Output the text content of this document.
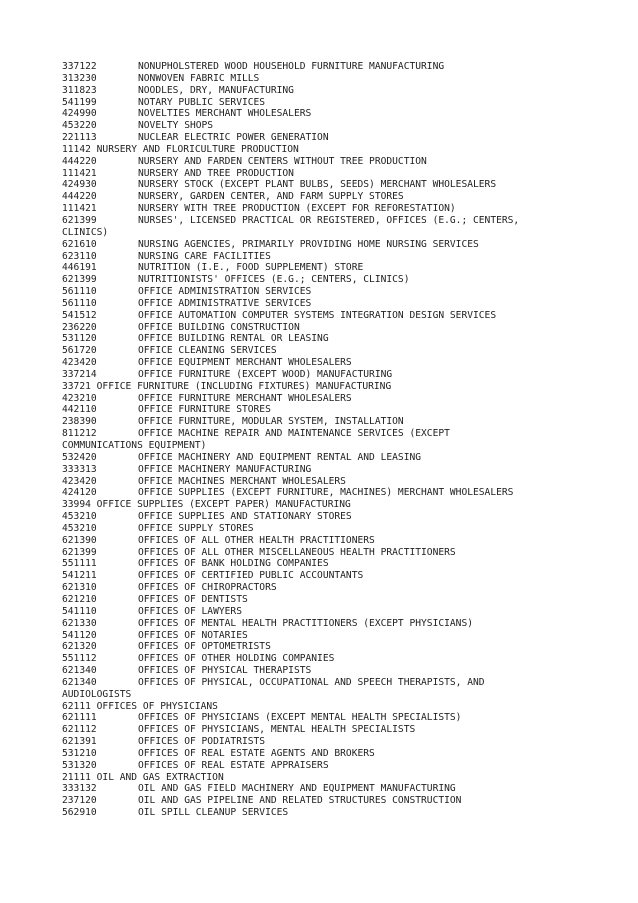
337122	NONUPHOLSTERED WOOD HOUSEHOLD FURNITURE MANUFACTURING
313230	NONWOVEN FABRIC MILLS
311823	NOODLES, DRY, MANUFACTURING
541199	NOTARY PUBLIC SERVICES
424990	NOVELTIES MERCHANT WHOLESALERS
453220	NOVELTY SHOPS
221113	NUCLEAR ELECTRIC POWER GENERATION
11142 NURSERY AND FLORICULTURE PRODUCTION
444220	NURSERY AND FARDEN CENTERS WITHOUT TREE PRODUCTION
111421	NURSERY AND TREE PRODUCTION
424930	NURSERY STOCK (EXCEPT PLANT BULBS, SEEDS) MERCHANT WHOLESALERS
444220	NURSERY, GARDEN CENTER, AND FARM SUPPLY STORES
111421	NURSERY WITH TREE PRODUCTION (EXCEPT FOR REFORESTATION)
621399	NURSES', LICENSED PRACTICAL OR REGISTERED, OFFICES (E.G.; CENTERS,
CLINICS)
621610	NURSING AGENCIES, PRIMARILY PROVIDING HOME NURSING SERVICES
623110	NURSING CARE FACILITIES
446191	NUTRITION (I.E., FOOD SUPPLEMENT) STORE
621399	NUTRITIONISTS' OFFICES (E.G.; CENTERS, CLINICS)
561110	OFFICE ADMINISTRATION SERVICES
561110	OFFICE ADMINISTRATIVE SERVICES
541512	OFFICE AUTOMATION COMPUTER SYSTEMS INTEGRATION DESIGN SERVICES
236220	OFFICE BUILDING CONSTRUCTION
531120	OFFICE BUILDING RENTAL OR LEASING
561720	OFFICE CLEANING SERVICES
423420	OFFICE EQUIPMENT MERCHANT WHOLESALERS
337214	OFFICE FURNITURE (EXCEPT WOOD) MANUFACTURING
33721 OFFICE FURNITURE (INCLUDING FIXTURES) MANUFACTURING
423210	OFFICE FURNITURE MERCHANT WHOLESALERS
442110	OFFICE FURNITURE STORES
238390	OFFICE FURNITURE, MODULAR SYSTEM, INSTALLATION
811212	OFFICE MACHINE REPAIR AND MAINTENANCE SERVICES (EXCEPT
COMMUNICATIONS EQUIPMENT)
532420	OFFICE MACHINERY AND EQUIPMENT RENTAL AND LEASING
333313	OFFICE MACHINERY MANUFACTURING
423420	OFFICE MACHINES MERCHANT WHOLESALERS
424120	OFFICE SUPPLIES (EXCEPT FURNITURE, MACHINES) MERCHANT WHOLESALERS
33994 OFFICE SUPPLIES (EXCEPT PAPER) MANUFACTURING
453210	OFFICE SUPPLIES AND STATIONARY STORES
453210	OFFICE SUPPLY STORES
621390	OFFICES OF ALL OTHER HEALTH PRACTITIONERS
621399	OFFICES OF ALL OTHER MISCELLANEOUS HEALTH PRACTITIONERS
551111	OFFICES OF BANK HOLDING COMPANIES
541211	OFFICES OF CERTIFIED PUBLIC ACCOUNTANTS
621310	OFFICES OF CHIROPRACTORS
621210	OFFICES OF DENTISTS
541110	OFFICES OF LAWYERS
621330	OFFICES OF MENTAL HEALTH PRACTITIONERS (EXCEPT PHYSICIANS)
541120	OFFICES OF NOTARIES
621320	OFFICES OF OPTOMETRISTS
551112	OFFICES OF OTHER HOLDING COMPANIES
621340	OFFICES OF PHYSICAL THERAPISTS
621340	OFFICES OF PHYSICAL, OCCUPATIONAL AND SPEECH THERAPISTS, AND
AUDIOLOGISTS
62111 OFFICES OF PHYSICIANS
621111	OFFICES OF PHYSICIANS (EXCEPT MENTAL HEALTH SPECIALISTS)
621112	OFFICES OF PHYSICIANS, MENTAL HEALTH SPECIALISTS
621391	OFFICES OF PODIATRISTS
531210	OFFICES OF REAL ESTATE AGENTS AND BROKERS
531320	OFFICES OF REAL ESTATE APPRAISERS
21111 OIL AND GAS EXTRACTION
333132	OIL AND GAS FIELD MACHINERY AND EQUIPMENT MANUFACTURING
237120	OIL AND GAS PIPELINE AND RELATED STRUCTURES CONSTRUCTION
562910	OIL SPILL CLEANUP SERVICES
